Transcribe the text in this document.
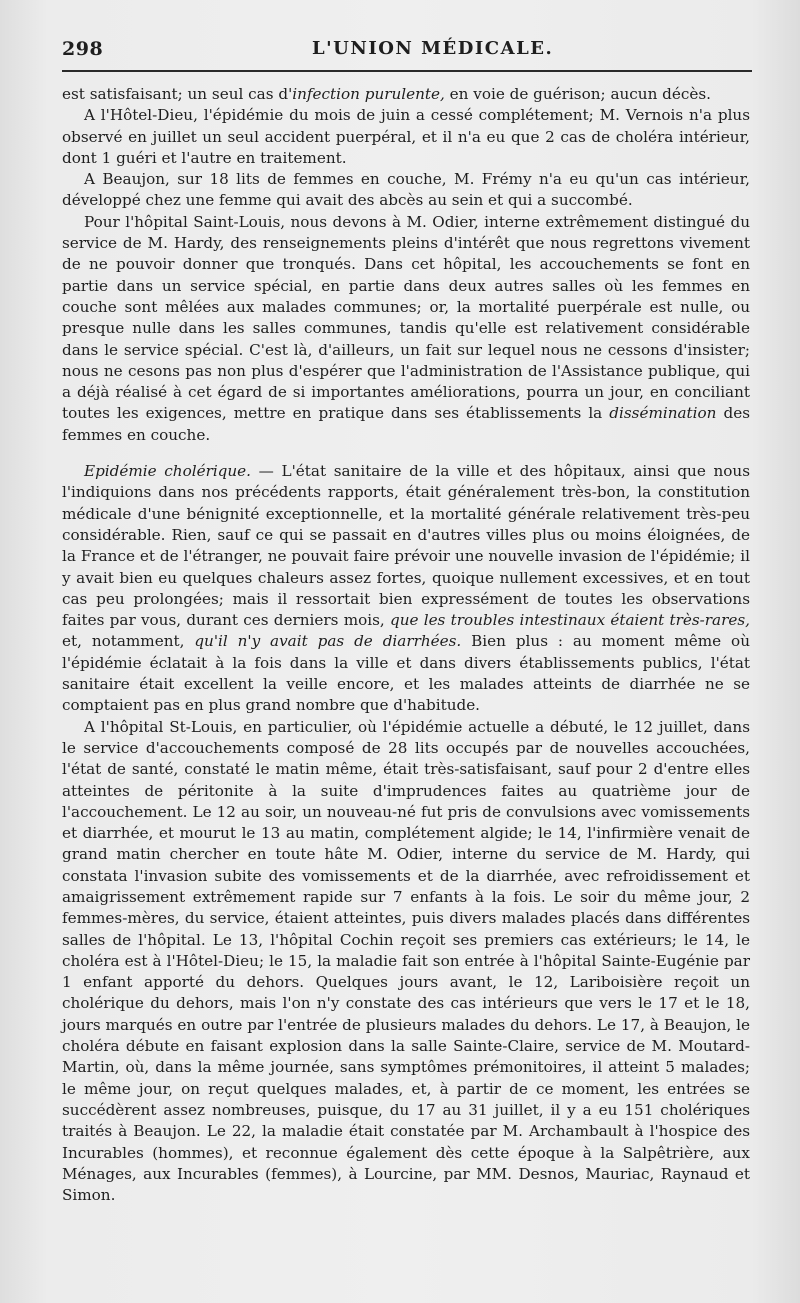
298	L'UNION MÉDICALE.

est satisfaisant; un seul cas d'infection purulente, en voie de guérison; aucun décès.

A l'Hôtel-Dieu, l'épidémie du mois de juin a cessé complétement; M. Vernois n'a plus observé en juillet un seul accident puerpéral, et il n'a eu que 2 cas de choléra intérieur, dont 1 guéri et l'autre en traitement.

A Beaujon, sur 18 lits de femmes en couche, M. Frémy n'a eu qu'un cas intérieur, développé chez une femme qui avait des abcès au sein et qui a succombé.

Pour l'hôpital Saint-Louis, nous devons à M. Odier, interne extrêmement distingué du service de M. Hardy, des renseignements pleins d'intérêt que nous regrettons vivement de ne pouvoir donner que tronqués. Dans cet hôpital, les accouchements se font en partie dans un service spécial, en partie dans deux autres salles où les femmes en couche sont mêlées aux malades communes; or, la mortalité puerpérale est nulle, ou presque nulle dans les salles communes, tandis qu'elle est relativement considérable dans le service spécial. C'est là, d'ailleurs, un fait sur lequel nous ne cessons d'insister; nous ne cesons pas non plus d'espérer que l'administration de l'Assistance publique, qui a déjà réalisé à cet égard de si importantes améliorations, pourra un jour, en conciliant toutes les exigences, mettre en pratique dans ses établissements la dissémination des femmes en couche.

Epidémie cholérique. — L'état sanitaire de la ville et des hôpitaux, ainsi que nous l'indiquions dans nos précédents rapports, était généralement très-bon, la constitution médicale d'une bénignité exceptionnelle, et la mortalité générale relativement très-peu considérable. Rien, sauf ce qui se passait en d'autres villes plus ou moins éloignées, de la France et de l'étranger, ne pouvait faire prévoir une nouvelle invasion de l'épidémie; il y avait bien eu quelques chaleurs assez fortes, quoique nullement excessives, et en tout cas peu prolongées; mais il ressortait bien expressément de toutes les observations faites par vous, durant ces derniers mois, que les troubles intestinaux étaient très-rares, et, notamment, qu'il n'y avait pas de diarrhées. Bien plus : au moment même où l'épidémie éclatait à la fois dans la ville et dans divers établissements publics, l'état sanitaire était excellent la veille encore, et les malades atteints de diarrhée ne se comptaient pas en plus grand nombre que d'habitude.

A l'hôpital St-Louis, en particulier, où l'épidémie actuelle a débuté, le 12 juillet, dans le service d'accouchements composé de 28 lits occupés par de nouvelles accouchées, l'état de santé, constaté le matin même, était très-satisfaisant, sauf pour 2 d'entre elles atteintes de péritonite à la suite d'imprudences faites au quatrième jour de l'accouchement. Le 12 au soir, un nouveau-né fut pris de convulsions avec vomissements et diarrhée, et mourut le 13 au matin, complétement algide; le 14, l'infirmière venait de grand matin chercher en toute hâte M. Odier, interne du service de M. Hardy, qui constata l'invasion subite des vomissements et de la diarrhée, avec refroidissement et amaigrissement extrêmement rapide sur 7 enfants à la fois. Le soir du même jour, 2 femmes-mères, du service, étaient atteintes, puis divers malades placés dans différentes salles de l'hôpital. Le 13, l'hôpital Cochin reçoit ses premiers cas extérieurs; le 14, le choléra est à l'Hôtel-Dieu; le 15, la maladie fait son entrée à l'hôpital Sainte-Eugénie par 1 enfant apporté du dehors. Quelques jours avant, le 12, Lariboisière reçoit un cholérique du dehors, mais l'on n'y constate des cas intérieurs que vers le 17 et le 18, jours marqués en outre par l'entrée de plusieurs malades du dehors. Le 17, à Beaujon, le choléra débute en faisant explosion dans la salle Sainte-Claire, service de M. Moutard-Martin, où, dans la même journée, sans symptômes prémonitoires, il atteint 5 malades; le même jour, on reçut quelques malades, et, à partir de ce moment, les entrées se succédèrent assez nombreuses, puisque, du 17 au 31 juillet, il y a eu 151 cholériques traités à Beaujon. Le 22, la maladie était constatée par M. Archambault à l'hospice des Incurables (hommes), et reconnue également dès cette époque à la Salpêtrière, aux Ménages, aux Incurables (femmes), à Lourcine, par MM. Desnos, Mauriac, Raynaud et Simon.
